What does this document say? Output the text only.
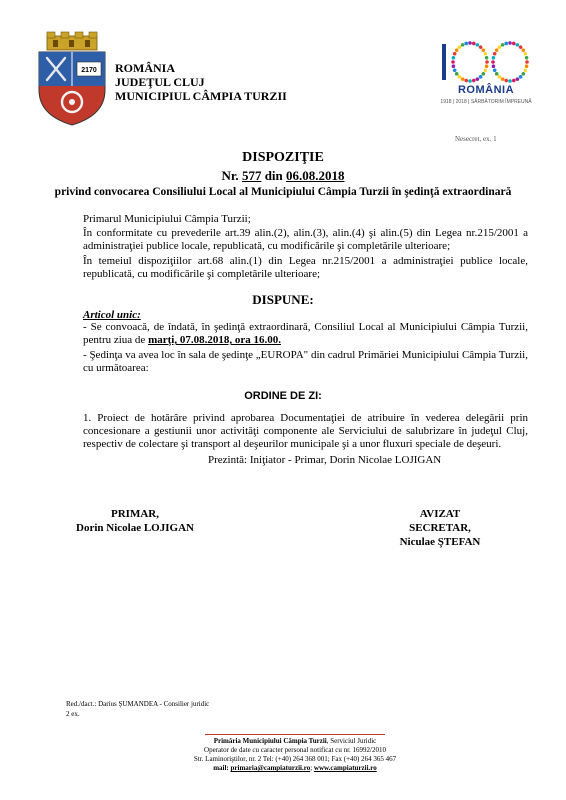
2170 ROMÂNIA
JUDEŢUL CLUJ
MUNICIPIUL CÂMPIA TURZII	ROMÂNIA
1918 | 2018 | SĂRBĂTORIM ÎMPREUNĂ
Nesecret, ex. 1
DISPOZIŢIE
Nr. 577 din 06.08.2018
privind convocarea Consiliului Local al Municipiului Câmpia Turzii în şedinţă extraordinară
Primarul Municipiului Câmpia Turzii;
În conformitate cu prevederile art.39 alin.(2), alin.(3), alin.(4) şi alin.(5) din Legea nr.215/2001 a administraţiei publice locale, republicată, cu modificările şi completările ulterioare;
În temeiul dispoziţiilor art.68 alin.(1) din Legea nr.215/2001 a administraţiei publice locale, republicată, cu modificările şi completările ulterioare;
DISPUNE:
Articol unic:
- Se convoacă, de îndată, în şedinţă extraordinară, Consiliul Local al Municipiului Câmpia Turzii, pentru ziua de marţi, 07.08.2018, ora 16.00.
- Şedinţa va avea loc în sala de şedinţe „EUROPA" din cadrul Primăriei Municipiului Câmpia Turzii, cu următoarea:
ORDINE DE ZI:
1. Proiect de hotărâre privind aprobarea Documentaţiei de atribuire în vederea delegării prin concesionare a gestiunii unor activităţi componente ale Serviciului de salubrizare în judeţul Cluj, respectiv de colectare şi transport al deşeurilor municipale şi a unor fluxuri speciale de deşeuri.
Prezintă: Iniţiator - Primar, Dorin Nicolae LOJIGAN
PRIMAR,
Dorin Nicolae LOJIGAN
AVIZAT
SECRETAR,
Niculae ŞTEFAN
Red./dact.: Darius ŞUMANDEA - Consilier juridic
2 ex.
Primăria Municipiului Câmpia Turzii, Serviciul Juridic
Operator de date cu caracter personal notificat cu nr. 16992/2010
Str. Laminoriştilor, nr. 2 Tel: (+40) 264 368 001; Fax (+40) 264 365 467
mail: primaria@campiaturzii.ro; www.campiaturzii.ro
